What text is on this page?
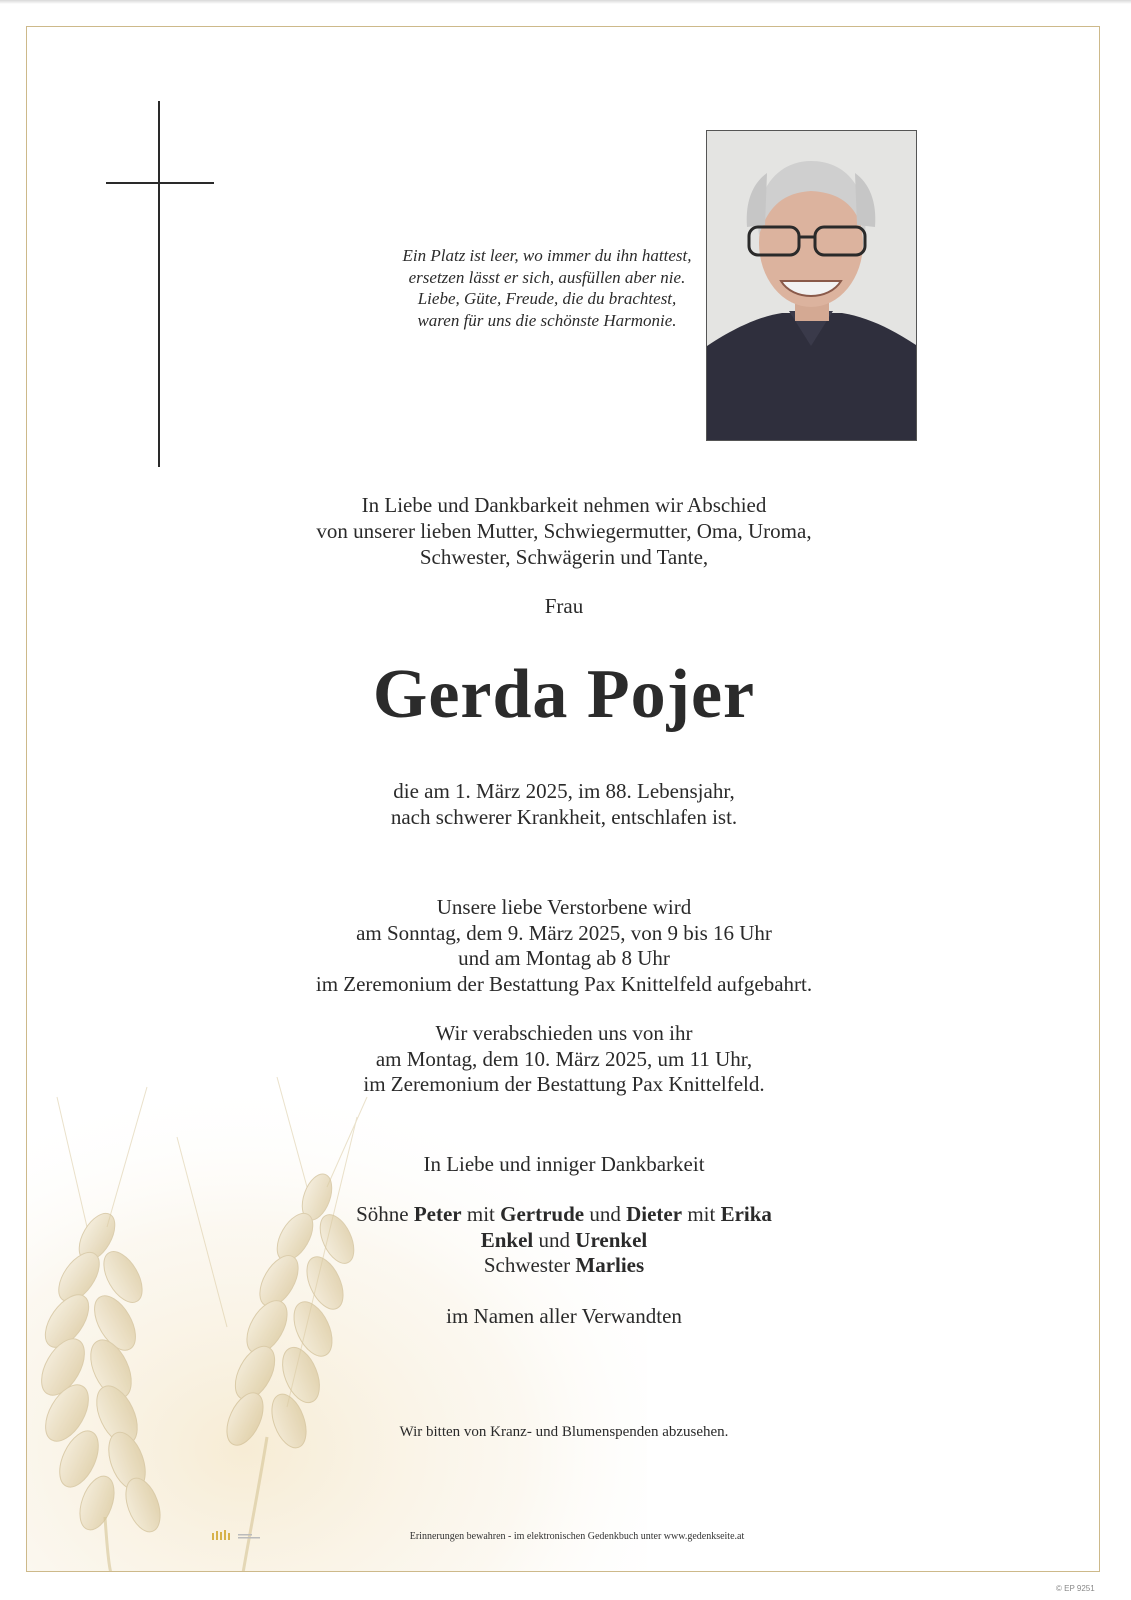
Ein Platz ist leer, wo immer du ihn hattest,
ersetzen lässt er sich, ausfüllen aber nie.
Liebe, Güte, Freude, die du brachtest,
waren für uns die schönste Harmonie.
In Liebe und Dankbarkeit nehmen wir Abschied
von unserer lieben Mutter, Schwiegermutter, Oma, Uroma,
Schwester, Schwägerin und Tante,
Frau
Gerda Pojer
die am 1. März 2025, im 88. Lebensjahr,
nach schwerer Krankheit, entschlafen ist.
Unsere liebe Verstorbene wird
am Sonntag, dem 9. März 2025, von 9 bis 16 Uhr
und am Montag ab 8 Uhr
im Zeremonium der Bestattung Pax Knittelfeld aufgebahrt.
Wir verabschieden uns von ihr
am Montag, dem 10. März 2025, um 11 Uhr,
im Zeremonium der Bestattung Pax Knittelfeld.
In Liebe und inniger Dankbarkeit
Söhne Peter mit Gertrude und Dieter mit Erika
Enkel und Urenkel
Schwester Marlies
im Namen aller Verwandten
Wir bitten von Kranz- und Blumenspenden abzusehen.
Erinnerungen bewahren - im elektronischen Gedenkbuch unter www.gedenkseite.at
© EP 9251
